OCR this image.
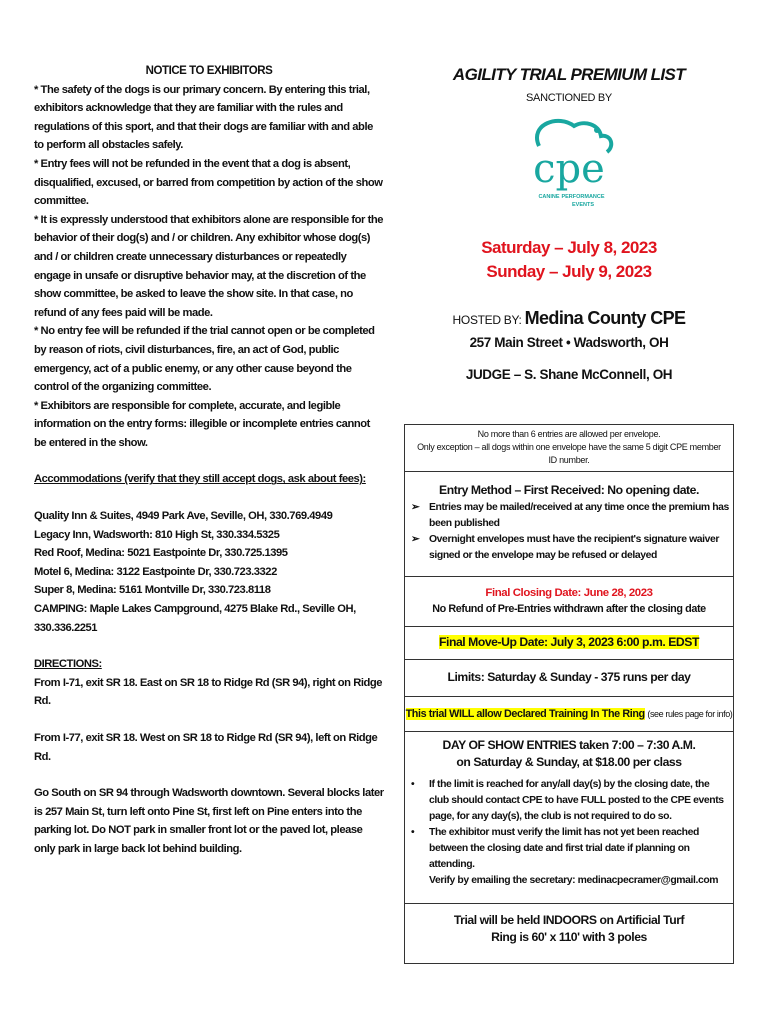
NOTICE TO EXHIBITORS

* The safety of the dogs is our primary concern. By entering this trial, exhibitors acknowledge that they are familiar with the rules and regulations of this sport, and that their dogs are familiar with and able to perform all obstacles safely.

* Entry fees will not be refunded in the event that a dog is absent, disqualified, excused, or barred from competition by action of the show committee.

* It is expressly understood that exhibitors alone are responsible for the behavior of their dog(s) and / or children. Any exhibitor whose dog(s) and / or children create unnecessary disturbances or repeatedly engage in unsafe or disruptive behavior may, at the discretion of the show committee, be asked to leave the show site. In that case, no refund of any fees paid will be made.

* No entry fee will be refunded if the trial cannot open or be completed by reason of riots, civil disturbances, fire, an act of God, public emergency, act of a public enemy, or any other cause beyond the control of the organizing committee.

* Exhibitors are responsible for complete, accurate, and legible information on the entry forms: illegible or incomplete entries cannot be entered in the show.

Accommodations (verify that they still accept dogs, ask about fees):

Quality Inn & Suites, 4949 Park Ave, Seville, OH, 330.769.4949

Legacy Inn, Wadsworth: 810 High St, 330.334.5325

Red Roof, Medina: 5021 Eastpointe Dr, 330.725.1395

Motel 6, Medina: 3122 Eastpointe Dr, 330.723.3322

Super 8, Medina: 5161 Montville Dr, 330.723.8118

CAMPING: Maple Lakes Campground, 4275 Blake Rd., Seville OH, 330.336.2251

DIRECTIONS:

From I-71, exit SR 18. East on SR 18 to Ridge Rd (SR 94), right on Ridge Rd.

From I-77, exit SR 18. West on SR 18 to Ridge Rd (SR 94), left on Ridge Rd.

Go South on SR 94 through Wadsworth downtown. Several blocks later is 257 Main St, turn left onto Pine St, first left on Pine enters into the parking lot. Do NOT park in smaller front lot or the paved lot, please only park in large back lot behind building.

AGILITY TRIAL PREMIUM LIST
SANCTIONED BY
cpe
CANINE PERFORMANCE
EVENTS
Saturday – July 8, 2023
Sunday – July 9, 2023
HOSTED BY: Medina County CPE
257 Main Street • Wadsworth, OH
JUDGE – S. Shane McConnell, OH
No more than 6 entries are allowed per envelope.
Only exception – all dogs within one envelope have the same 5 digit CPE member ID number.
Entry Method – First Received: No opening date.
➢ Entries may be mailed/received at any time once the premium has been published
➢ Overnight envelopes must have the recipient's signature waiver signed or the envelope may be refused or delayed
Final Closing Date: June 28, 2023
No Refund of Pre-Entries withdrawn after the closing date
Final Move-Up Date: July 3, 2023 6:00 p.m. EDST
Limits: Saturday & Sunday - 375 runs per day
This trial WILL allow Declared Training In The Ring (see rules page for info)
DAY OF SHOW ENTRIES taken 7:00 – 7:30 A.M.
on Saturday & Sunday, at $18.00 per class
• If the limit is reached for any/all day(s) by the closing date, the club should contact CPE to have FULL posted to the CPE events page, for any day(s), the club is not required to do so.
• The exhibitor must verify the limit has not yet been reached between the closing date and first trial date if planning on attending.
Verify by emailing the secretary: medinacpecramer@gmail.com
Trial will be held INDOORS on Artificial Turf
Ring is 60' x 110' with 3 poles
